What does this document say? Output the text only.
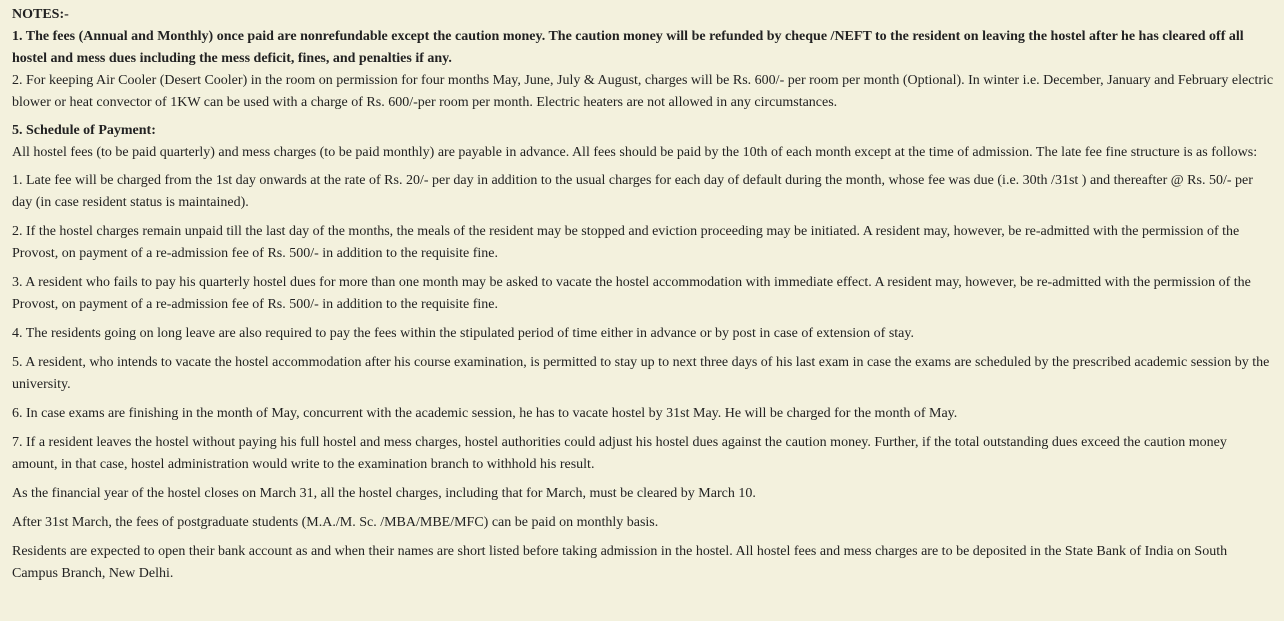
NOTES:-

1. The fees (Annual and Monthly) once paid are nonrefundable except the caution money. The caution money will be refunded by cheque /NEFT to the resident on leaving the hostel after he has cleared off all hostel and mess dues including the mess deficit, fines, and penalties if any.

2. For keeping Air Cooler (Desert Cooler) in the room on permission for four months May, June, July & August, charges will be Rs. 600/- per room per month (Optional). In winter i.e. December, January and February electric blower or heat convector of 1KW can be used with a charge of Rs. 600/-per room per month. Electric heaters are not allowed in any circumstances.

5. Schedule of Payment:

All hostel fees (to be paid quarterly) and mess charges (to be paid monthly) are payable in advance. All fees should be paid by the 10th of each month except at the time of admission. The late fee fine structure is as follows:

1. Late fee will be charged from the 1st day onwards at the rate of Rs. 20/- per day in addition to the usual charges for each day of default during the month, whose fee was due (i.e. 30th /31st ) and thereafter @ Rs. 50/- per day (in case resident status is maintained).

2. If the hostel charges remain unpaid till the last day of the months, the meals of the resident may be stopped and eviction proceeding may be initiated. A resident may, however, be re-admitted with the permission of the Provost, on payment of a re-admission fee of Rs. 500/- in addition to the requisite fine.

3. A resident who fails to pay his quarterly hostel dues for more than one month may be asked to vacate the hostel accommodation with immediate effect. A resident may, however, be re-admitted with the permission of the Provost, on payment of a re-admission fee of Rs. 500/- in addition to the requisite fine.

4. The residents going on long leave are also required to pay the fees within the stipulated period of time either in advance or by post in case of extension of stay.

5. A resident, who intends to vacate the hostel accommodation after his course examination, is permitted to stay up to next three days of his last exam in case the exams are scheduled by the prescribed academic session by the university.

6. In case exams are finishing in the month of May, concurrent with the academic session, he has to vacate hostel by 31st May. He will be charged for the month of May.

7. If a resident leaves the hostel without paying his full hostel and mess charges, hostel authorities could adjust his hostel dues against the caution money. Further, if the total outstanding dues exceed the caution money amount, in that case, hostel administration would write to the examination branch to withhold his result.

As the financial year of the hostel closes on March 31, all the hostel charges, including that for March, must be cleared by March 10.

After 31st March, the fees of postgraduate students (M.A./M. Sc. /MBA/MBE/MFC) can be paid on monthly basis.

Residents are expected to open their bank account as and when their names are short listed before taking admission in the hostel. All hostel fees and mess charges are to be deposited in the State Bank of India on South Campus Branch, New Delhi.
